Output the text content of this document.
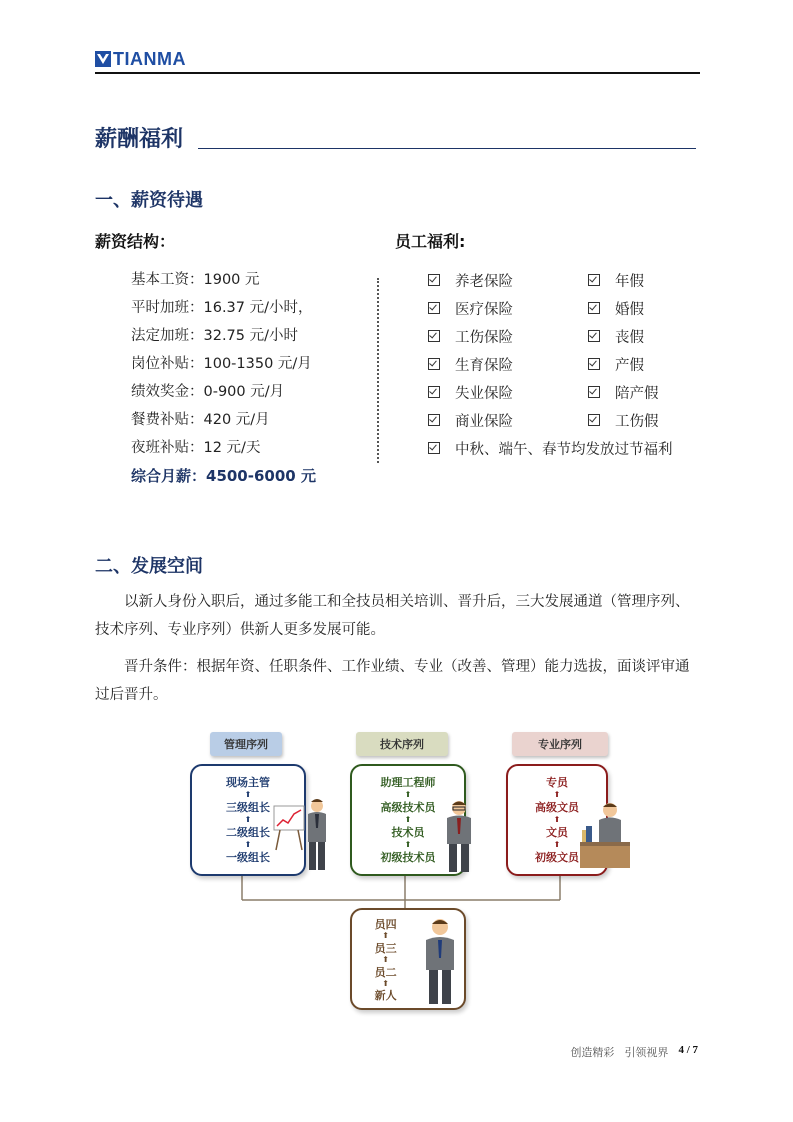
TIANMA
薪酬福利
一、薪资待遇
薪资结构：	员工福利:
基本工资：1900 元
平时加班：16.37 元/小时，
法定加班：32.75 元/小时
岗位补贴：100-1350 元/月
绩效奖金：0-900 元/月
餐费补贴：420 元/月
夜班补贴：12 元/天
综合月薪：4500-6000 元
养老保险
医疗保险
工伤保险
生育保险
失业保险
商业保险
中秋、端午、春节均发放过节福利
年假
婚假
丧假
产假
陪产假
工伤假
二、发展空间
以新人身份入职后，通过多能工和全技员相关培训、晋升后，三大发展通道（管理序列、技术序列、专业序列）供新人更多发展可能。
晋升条件：根据年资、任职条件、工作业绩、专业（改善、管理）能力选拔，面谈评审通过后晋升。
管理序列
现场主管
⬆
三级组长
⬆
二级组长
⬆
一级组长
技术序列
助理工程师
⬆
高级技术员
⬆
技术员
⬆
初级技术员
专业序列
专员
⬆
高级文员
⬆
文员
⬆
初级文员
员四
⬆
员三
⬆
员二
⬆
新人
创造精彩 引领视界 4 / 7
